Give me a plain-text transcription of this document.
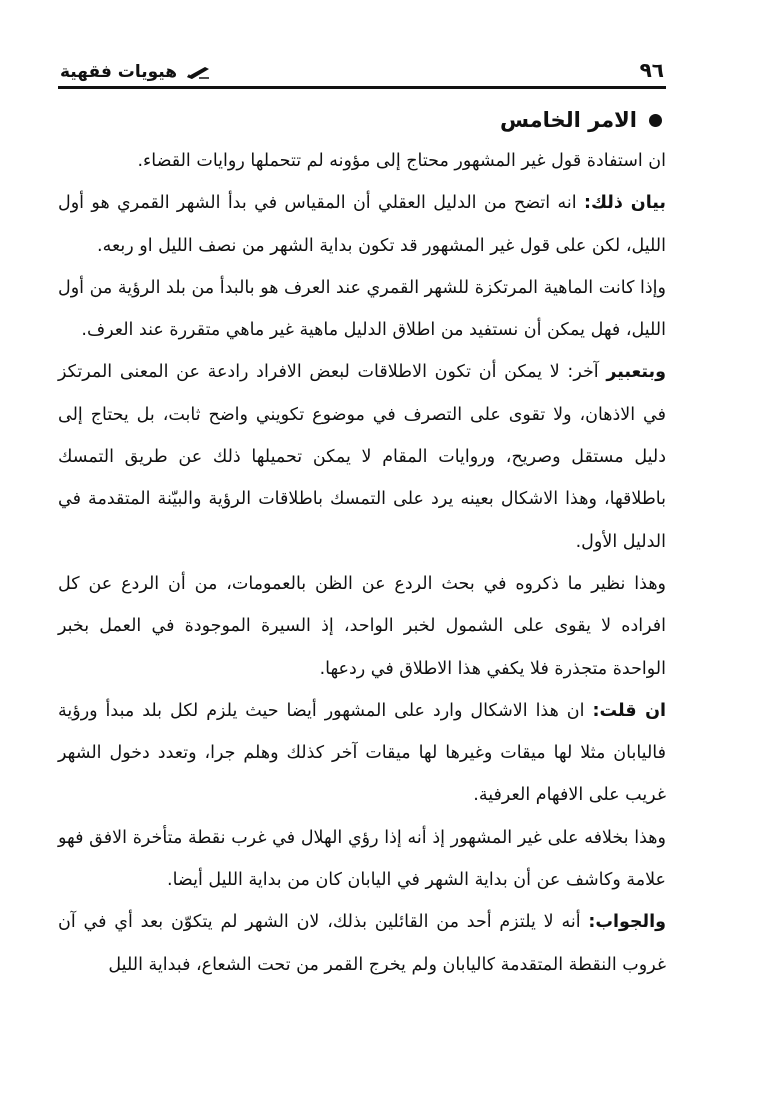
هيويات فقهية	٩٦
الامر الخامس
ان استفادة قول غير المشهور محتاج إلى مؤونه لم تتحملها روايات القضاء.
بيان ذلك: انه اتضح من الدليل العقلي أن المقياس في بدأ الشهر القمري هو أول الليل، لكن على قول غير المشهور قد تكون بداية الشهر من نصف الليل او ربعه.
وإذا كانت الماهية المرتكزة للشهر القمري عند العرف هو بالبدأ من بلد الرؤية من أول الليل، فهل يمكن أن نستفيد من اطلاق الدليل ماهية غير ماهي متقررة عند العرف.
وبتعبير آخر: لا يمكن أن تكون الاطلاقات لبعض الافراد رادعة عن المعنى المرتكز في الاذهان، ولا تقوى على التصرف في موضوع تكويني واضح ثابت، بل يحتاج إلى دليل مستقل وصريح، وروايات المقام لا يمكن تحميلها ذلك عن طريق التمسك باطلاقها، وهذا الاشكال بعينه يرد على التمسك باطلاقات الرؤية والبيّنة المتقدمة في الدليل الأول.
وهذا نظير ما ذكروه في بحث الردع عن الظن بالعمومات، من أن الردع عن كل افراده لا يقوى على الشمول لخبر الواحد، إذ السيرة الموجودة في العمل بخبر الواحدة متجذرة فلا يكفي هذا الاطلاق في ردعها.
ان قلت: ان هذا الاشكال وارد على المشهور أيضا حيث يلزم لكل بلد مبدأ ورؤية فاليابان مثلا لها ميقات وغيرها لها ميقات آخر كذلك وهلم جرا، وتعدد دخول الشهر غريب على الافهام العرفية.
وهذا بخلافه على غير المشهور إذ أنه إذا رؤي الهلال في غرب نقطة متأخرة الافق فهو علامة وكاشف عن أن بداية الشهر في اليابان كان من بداية الليل أيضا.
والجواب: أنه لا يلتزم أحد من القائلين بذلك، لان الشهر لم يتكوّن بعد أي في آن غروب النقطة المتقدمة كاليابان ولم يخرج القمر من تحت الشعاع، فبداية الليل
